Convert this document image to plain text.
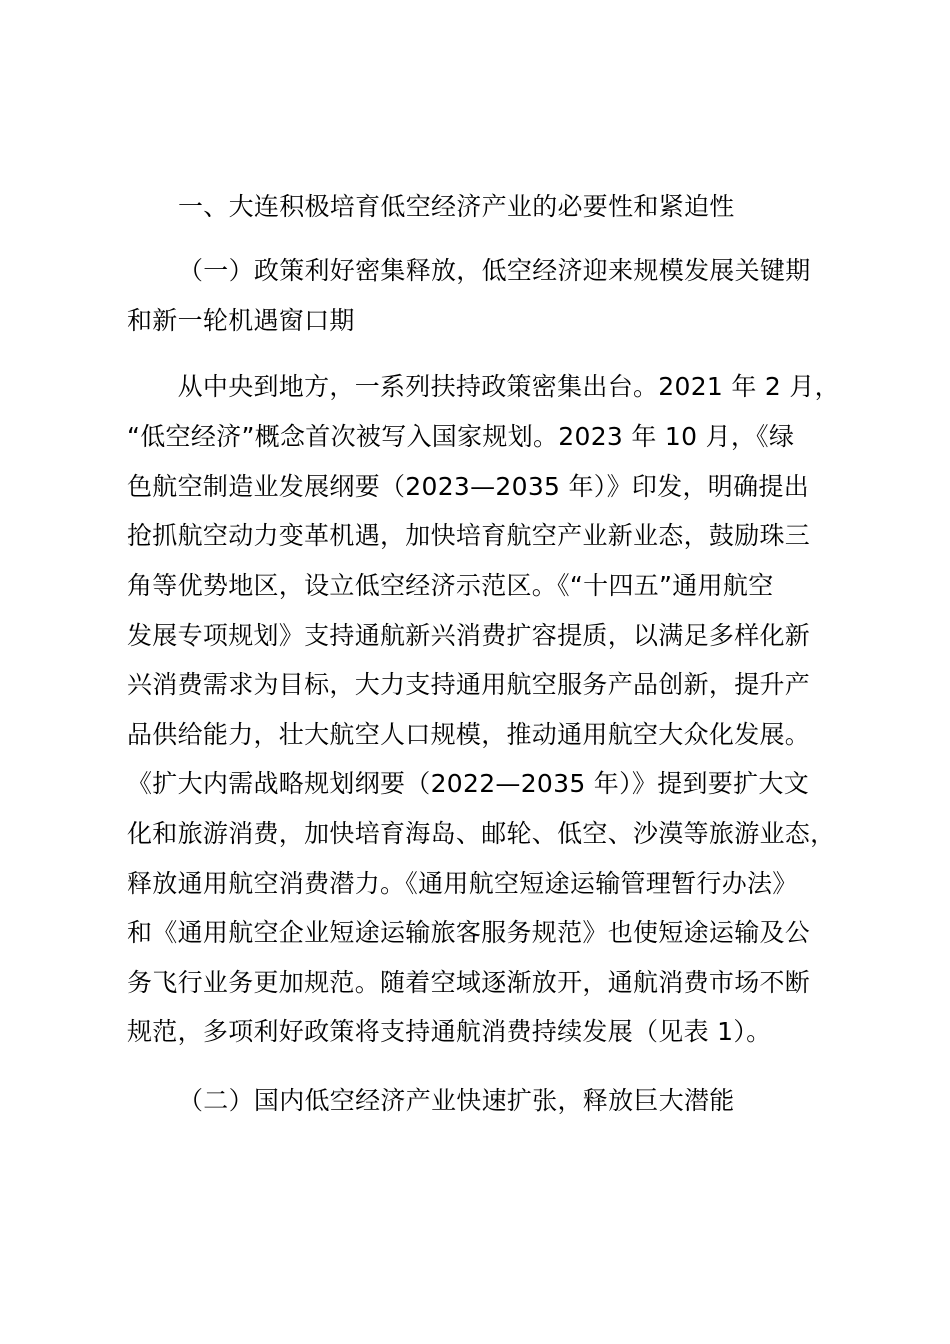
一、大连积极培育低空经济产业的必要性和紧迫性
（一）政策利好密集释放，低空经济迎来规模发展关键期
和新一轮机遇窗口期
　　从中央到地方，一系列扶持政策密集出台。2021 年 2 月，
“低空经济”概念首次被写入国家规划。2023 年 10 月，《绿
色航空制造业发展纲要（2023—2035 年）》印发，明确提出
抢抓航空动力变革机遇，加快培育航空产业新业态，鼓励珠三
角等优势地区，设立低空经济示范区。《“十四五”通用航空
发展专项规划》支持通航新兴消费扩容提质，以满足多样化新
兴消费需求为目标，大力支持通用航空服务产品创新，提升产
品供给能力，壮大航空人口规模，推动通用航空大众化发展。
《扩大内需战略规划纲要（2022—2035 年）》提到要扩大文
化和旅游消费，加快培育海岛、邮轮、低空、沙漠等旅游业态，
释放通用航空消费潜力。《通用航空短途运输管理暂行办法》
和《通用航空企业短途运输旅客服务规范》也使短途运输及公
务飞行业务更加规范。随着空域逐渐放开，通航消费市场不断
规范，多项利好政策将支持通航消费持续发展（见表 1）。
（二）国内低空经济产业快速扩张，释放巨大潜能
